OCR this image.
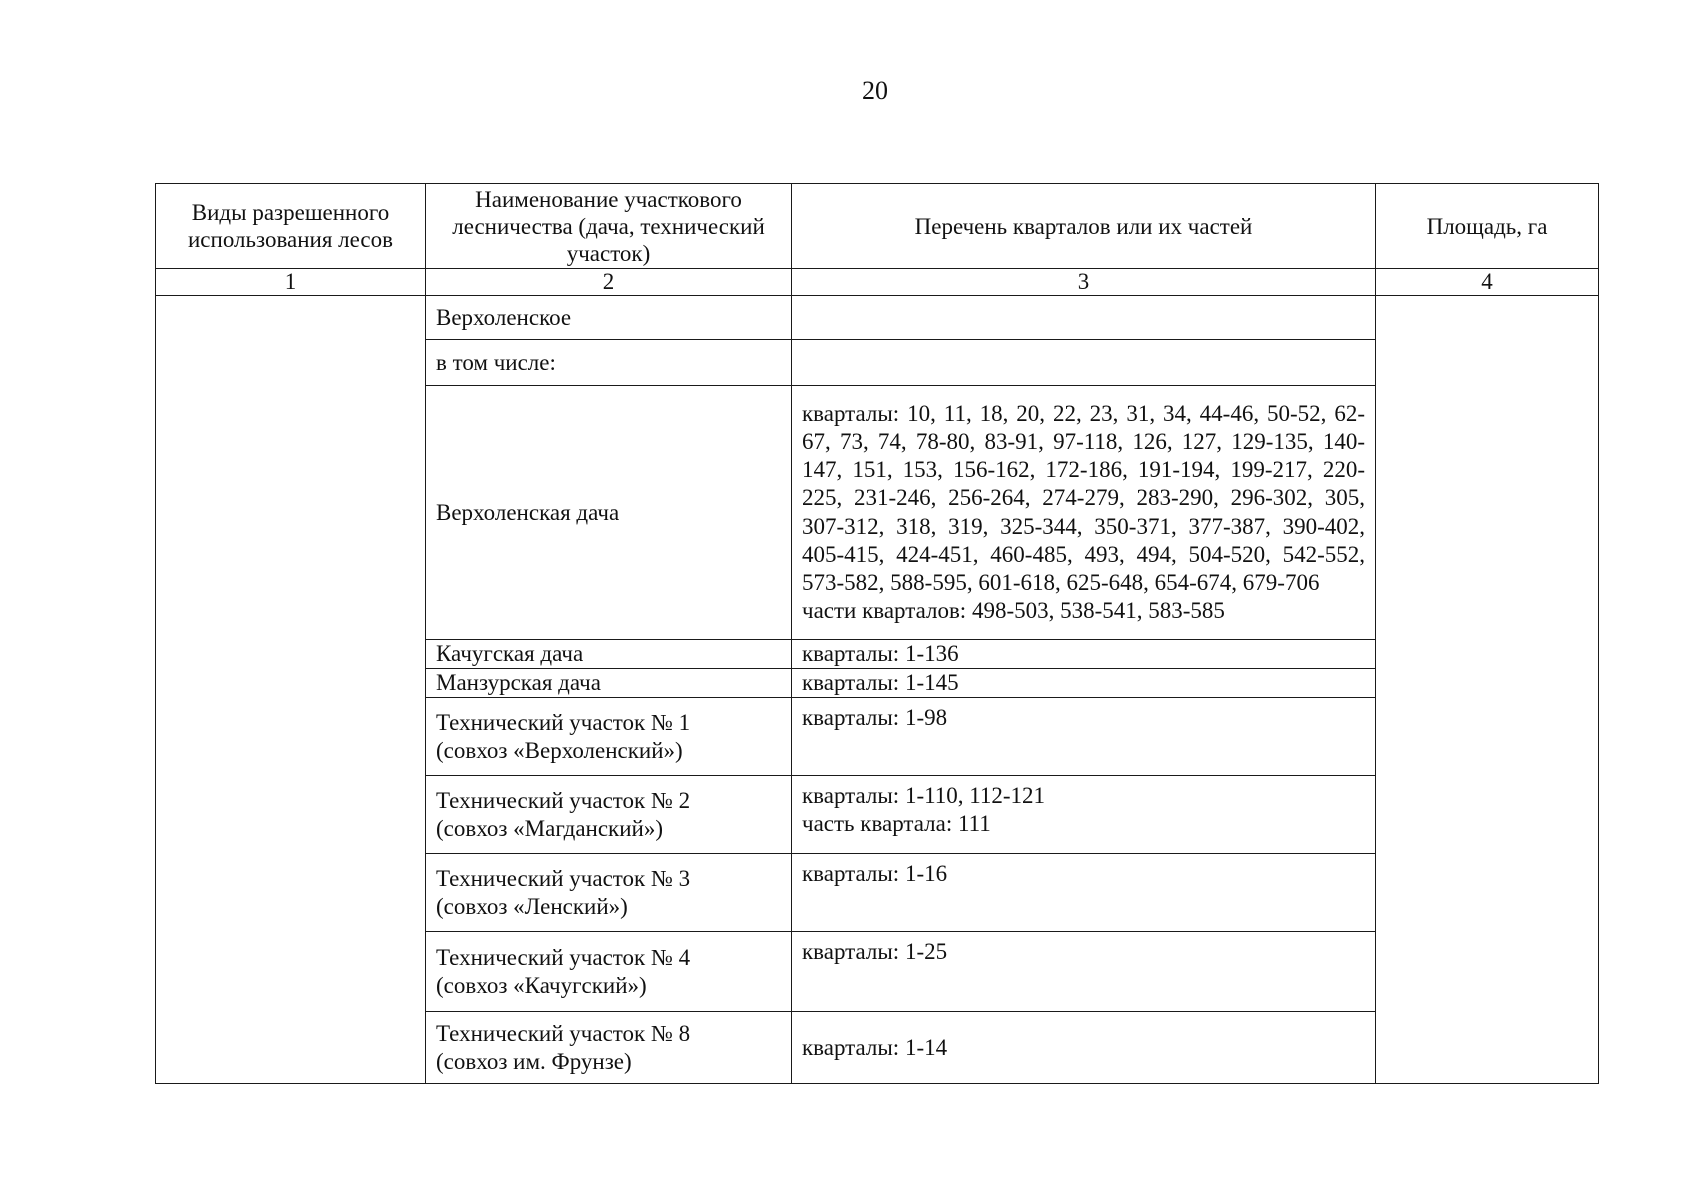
20
Виды разрешенного использования лесов	Наименование участкового лесничества (дача, технический участок)	Перечень кварталов или их частей	Площадь, га
1	2	3	4
	Верхоленское		
	в том числе:		
	Верхоленская дача	кварталы: 10, 11, 18, 20, 22, 23, 31, 34, 44-46, 50-52, 62-67, 73, 74, 78-80, 83-91, 97-118, 126, 127, 129-135, 140-147, 151, 153, 156-162, 172-186, 191-194, 199-217, 220-225, 231-246, 256-264, 274-279, 283-290, 296-302, 305, 307-312, 318, 319, 325-344, 350-371, 377-387, 390-402, 405-415, 424-451, 460-485, 493, 494, 504-520, 542-552, 573-582, 588-595, 601-618, 625-648, 654-674, 679-706
части кварталов: 498-503, 538-541, 583-585	

	Качугская дача	кварталы: 1-136	
	Манзурская дача	кварталы: 1-145	

	Технический участок № 1
(совхоз «Верхоленский»)	кварталы: 1-98	

	Технический участок № 2
(совхоз «Магданский»)	кварталы: 1-110, 112-121
часть квартала: 111	

	Технический участок № 3
(совхоз «Ленский»)	кварталы: 1-16	

	Технический участок № 4
(совхоз «Качугский»)	кварталы: 1-25	

	Технический участок № 8
(совхоз им. Фрунзе)	кварталы: 1-14	
